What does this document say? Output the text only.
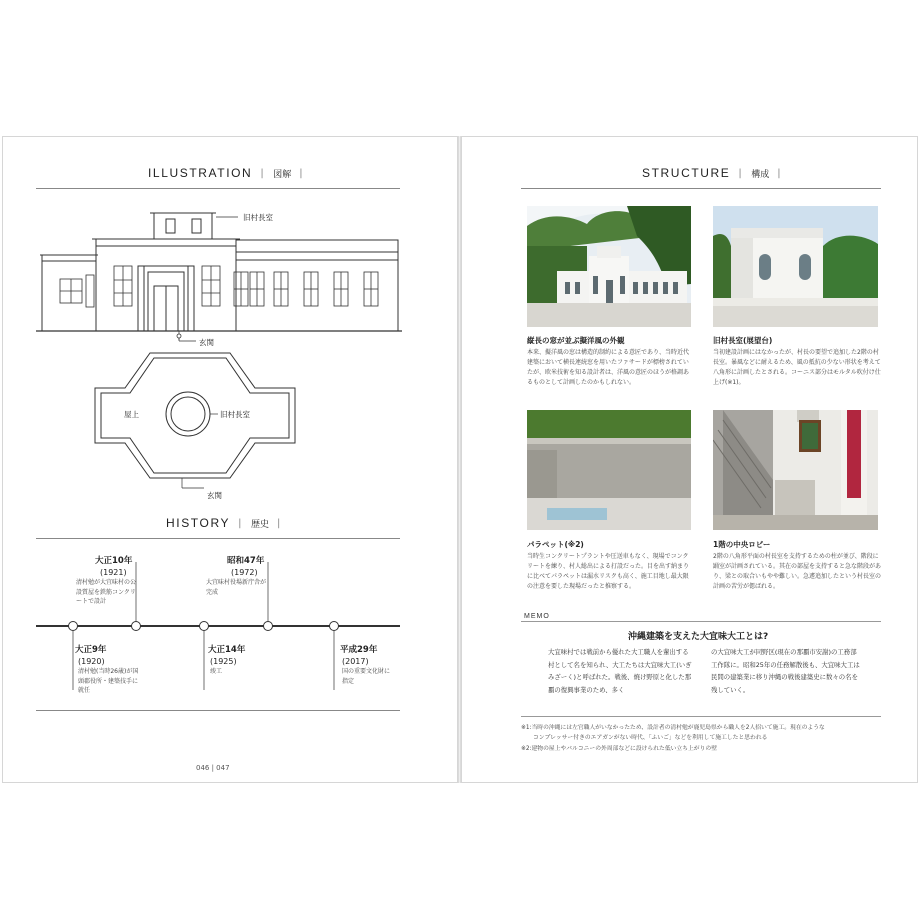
ILLUSTRATION | 図解 |
旧村長室
玄関
屋上	旧村長室
玄関
HISTORY | 歴史 |
大正10年
(1921)
清村勉が大宜味村の公設質屋を鉄筋コンクリートで設計
昭和47年
(1972)
大宜味村役場新庁舎が完成
大正9年
(1920)
清村勉(当時26歳)が国頭郡役所・建築技手に就任
大正14年
(1925)
竣工
平成29年
(2017)
国の重要文化財に指定
046 | 047
STRUCTURE | 構成 |
縦長の窓が並ぶ擬洋風の外観
本来、擬洋風の窓は構造的制約による意匠であり、当時近代建築において横長連続窓を用いたファサードが標榜されていたが、欧米技術を知る設計者は、洋風の意匠のほうが格調あるものとして計画したのかもしれない。
旧村長室(展望台)
当初建設計画にはなかったが、村長の要望で追加した2階の村長室。暴風などに耐えるため、風の抵抗の少ない形状を考えて八角形に計画したとされる。コーニス部分はモルタル吹付け仕上げ(※1)。
パラペット(※2)
当時生コンクリートプラントや圧送車もなく、現場でコンクリートを練り、村人総出による打設だった。目を出す納まりに比べてパラペットは漏水リスクも高く、施工目地し最大限の注意を要した現場だったと推察する。
1階の中央ロビー
2階の八角形平面の村長室を支持するための柱が並び、階段に踊室が計画されている。其在の部屋を支持すると急な階段があり、梁との取合いもやや難しい。急遽追加したという村長室の計画の苦労が偲ばれる。
MEMO
沖縄建築を支えた大宜味大工とは?
大宜味村では戦前から優れた大工職人を輩出する村として名を知られ、大工たちは大宜味大工(いぎみざーく)と呼ばれた。戦後、焼け野原と化した那覇の復興事業のため、多く
の大宜味大工が同野区(現在の那覇市安謝)の工務部工作隊に。昭和25年の任務解散後も、大宜味大工は民間の建築業に移り沖縄の戦後建築史に数々の名を残していく。
※1:当時の沖縄には左官職人がいなかったため、設計者の清村勉が鹿児島県から職人を2人招いて施工。現在のような
コンプレッサー付きのエアガンがない時代、「ふいご」などを利用して施工したと思われる
※2:建物の屋上やバルコニーの外周部などに設けられた低い立ち上がりの壁
